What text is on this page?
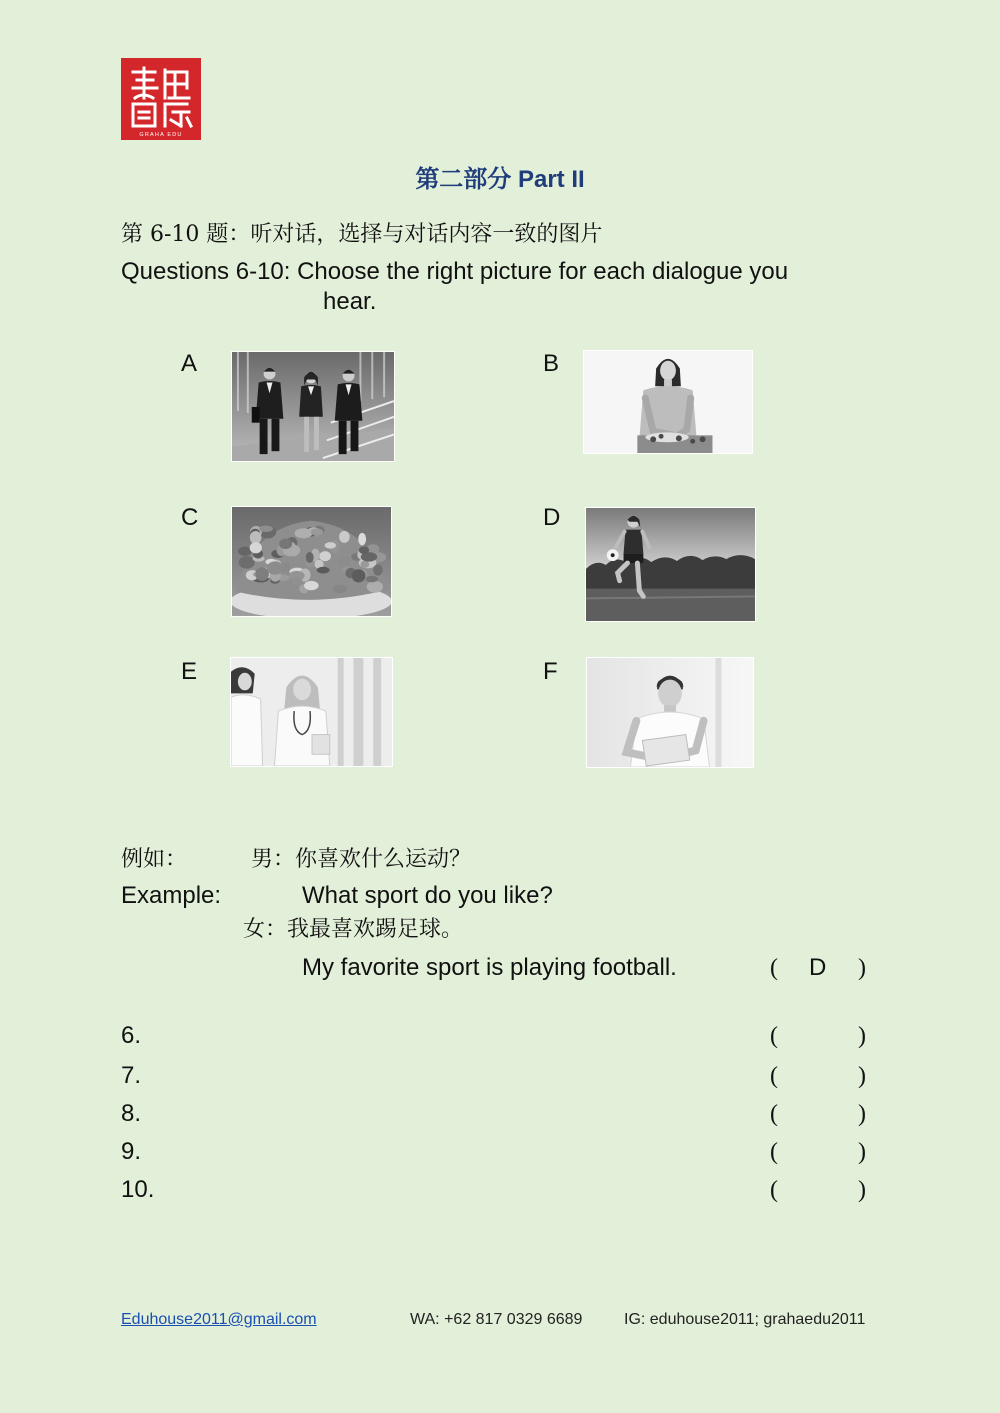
GRAHA EDU
第二部分 Part II
第 6-10 题：听对话，选择与对话内容一致的图片
Questions 6-10: Choose the right picture for each dialogue you
hear.
A	B
C	D
E	F
例如：	男：你喜欢什么运动？
Example:	What sport do you like?
女：我最喜欢踢足球。
My favorite sport is playing football.	( D )
6.	(	)
7.	(	)
8.	(	)
9.	(	)
10.	(	)
Eduhouse2011@gmail.com	WA: +62 817 0329 6689	IG: eduhouse2011; grahaedu2011
